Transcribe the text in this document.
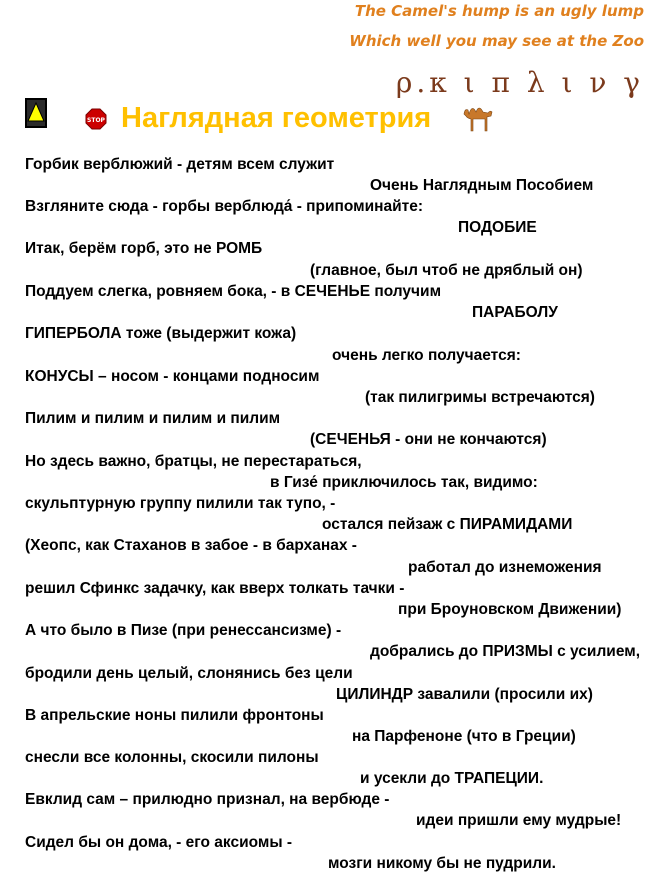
The Camel's hump is an ugly lump
Which well you may see at the Zoo
ρ.κ ι π λ ι ν γ
STOP Наглядная геометрия
Горбик верблюжий - детям всем служит
Очень Наглядным Пособием
Взгляните сюда - горбы верблюда́ - припоминайте:
ПОДОБИЕ
Итак, берём горб, это не РОМБ
(главное, был чтоб не дряблый он)
Поддуем слегка, ровняем бока, - в СЕЧЕНЬЕ получим
ПАРАБОЛУ
ГИПЕРБОЛА тоже (выдержит кожа)
очень легко получается:
КОНУСЫ – носом - концами подносим
(так пилигримы встречаются)
Пилим и пилим и пилим и пилим
(СЕЧЕНЬЯ - они не кончаются)
Но здесь важно, братцы, не перестараться,
в Гизе́ приключилось так, видимо:
скульптурную группу пилили так тупо, -
остался пейзаж с ПИРАМИДАМИ
(Хеопс, как Стаханов в забое - в барханах -
работал до изнеможения
решил Сфинкс задачку, как вверх толкать тачки -
при Броуновском Движении)
А что было в Пизе (при ренессансизме) -
добрались до ПРИЗМЫ с усилием,
бродили день целый, слонянись без цели
ЦИЛИНДР завалили (просили их)
В апрельские ноны пилили фронтоны
на Парфеноне (что в Греции)
снесли все колонны, скосили пилоны
и усекли до ТРАПЕЦИИ.
Евклид сам – прилюдно признал, на вербюде -
идеи пришли ему мудрые!
Сидел бы он дома, - его аксиомы -
мозги никому бы не пудрили.
